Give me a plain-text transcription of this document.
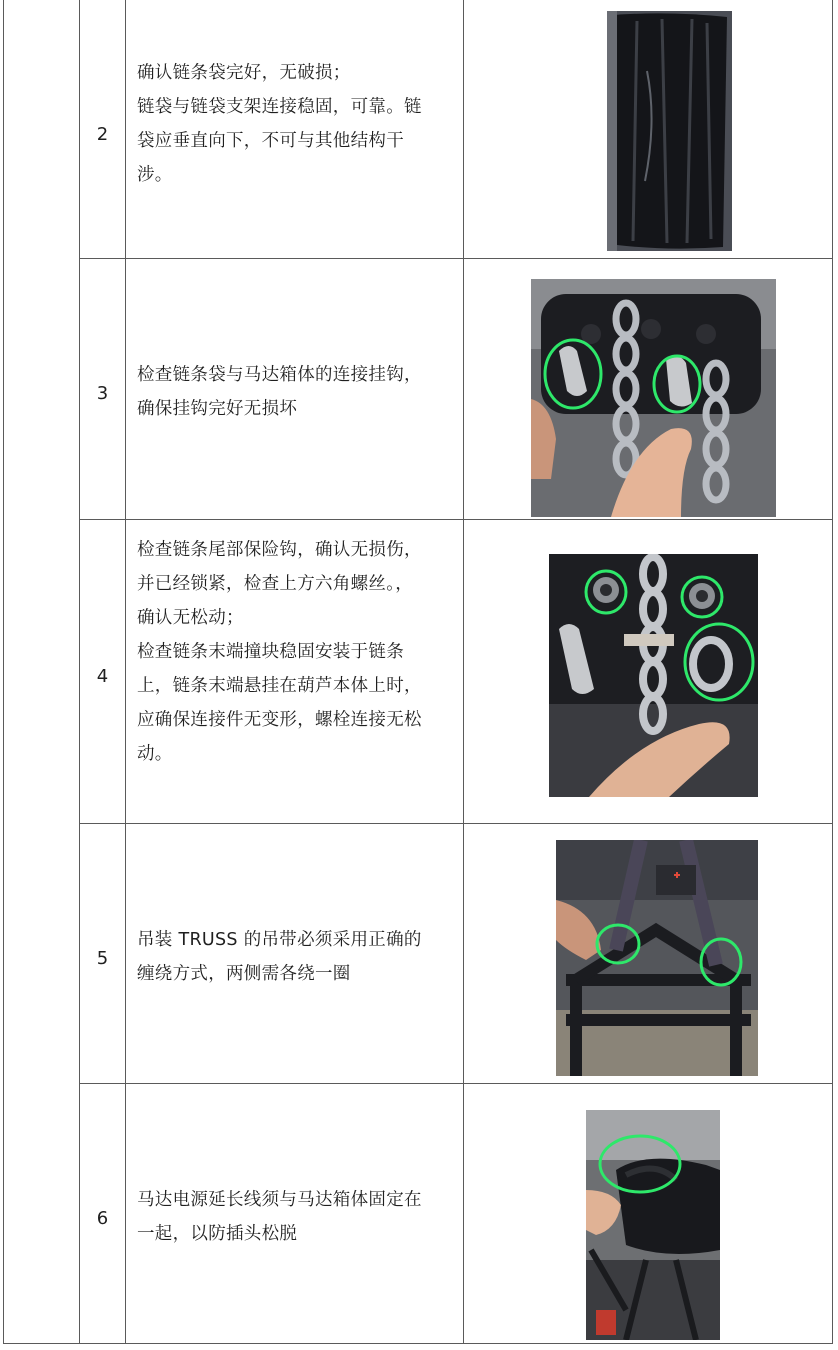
2

确认链条袋完好，无破损；

链袋与链袋支架连接稳固，可靠。链

袋应垂直向下，不可与其他结构干

涉。

3

检查链条袋与马达箱体的连接挂钩，

确保挂钩完好无损坏

4

检查链条尾部保险钩，确认无损伤，

并已经锁紧，检查上方六角螺丝。，

确认无松动；

检查链条末端撞块稳固安装于链条

上，链条末端悬挂在葫芦本体上时，

应确保连接件无变形，螺栓连接无松

动。

5

吊装 TRUSS 的吊带必须采用正确的

缠绕方式，两侧需各绕一圈

6

马达电源延长线须与马达箱体固定在

一起，以防插头松脱
